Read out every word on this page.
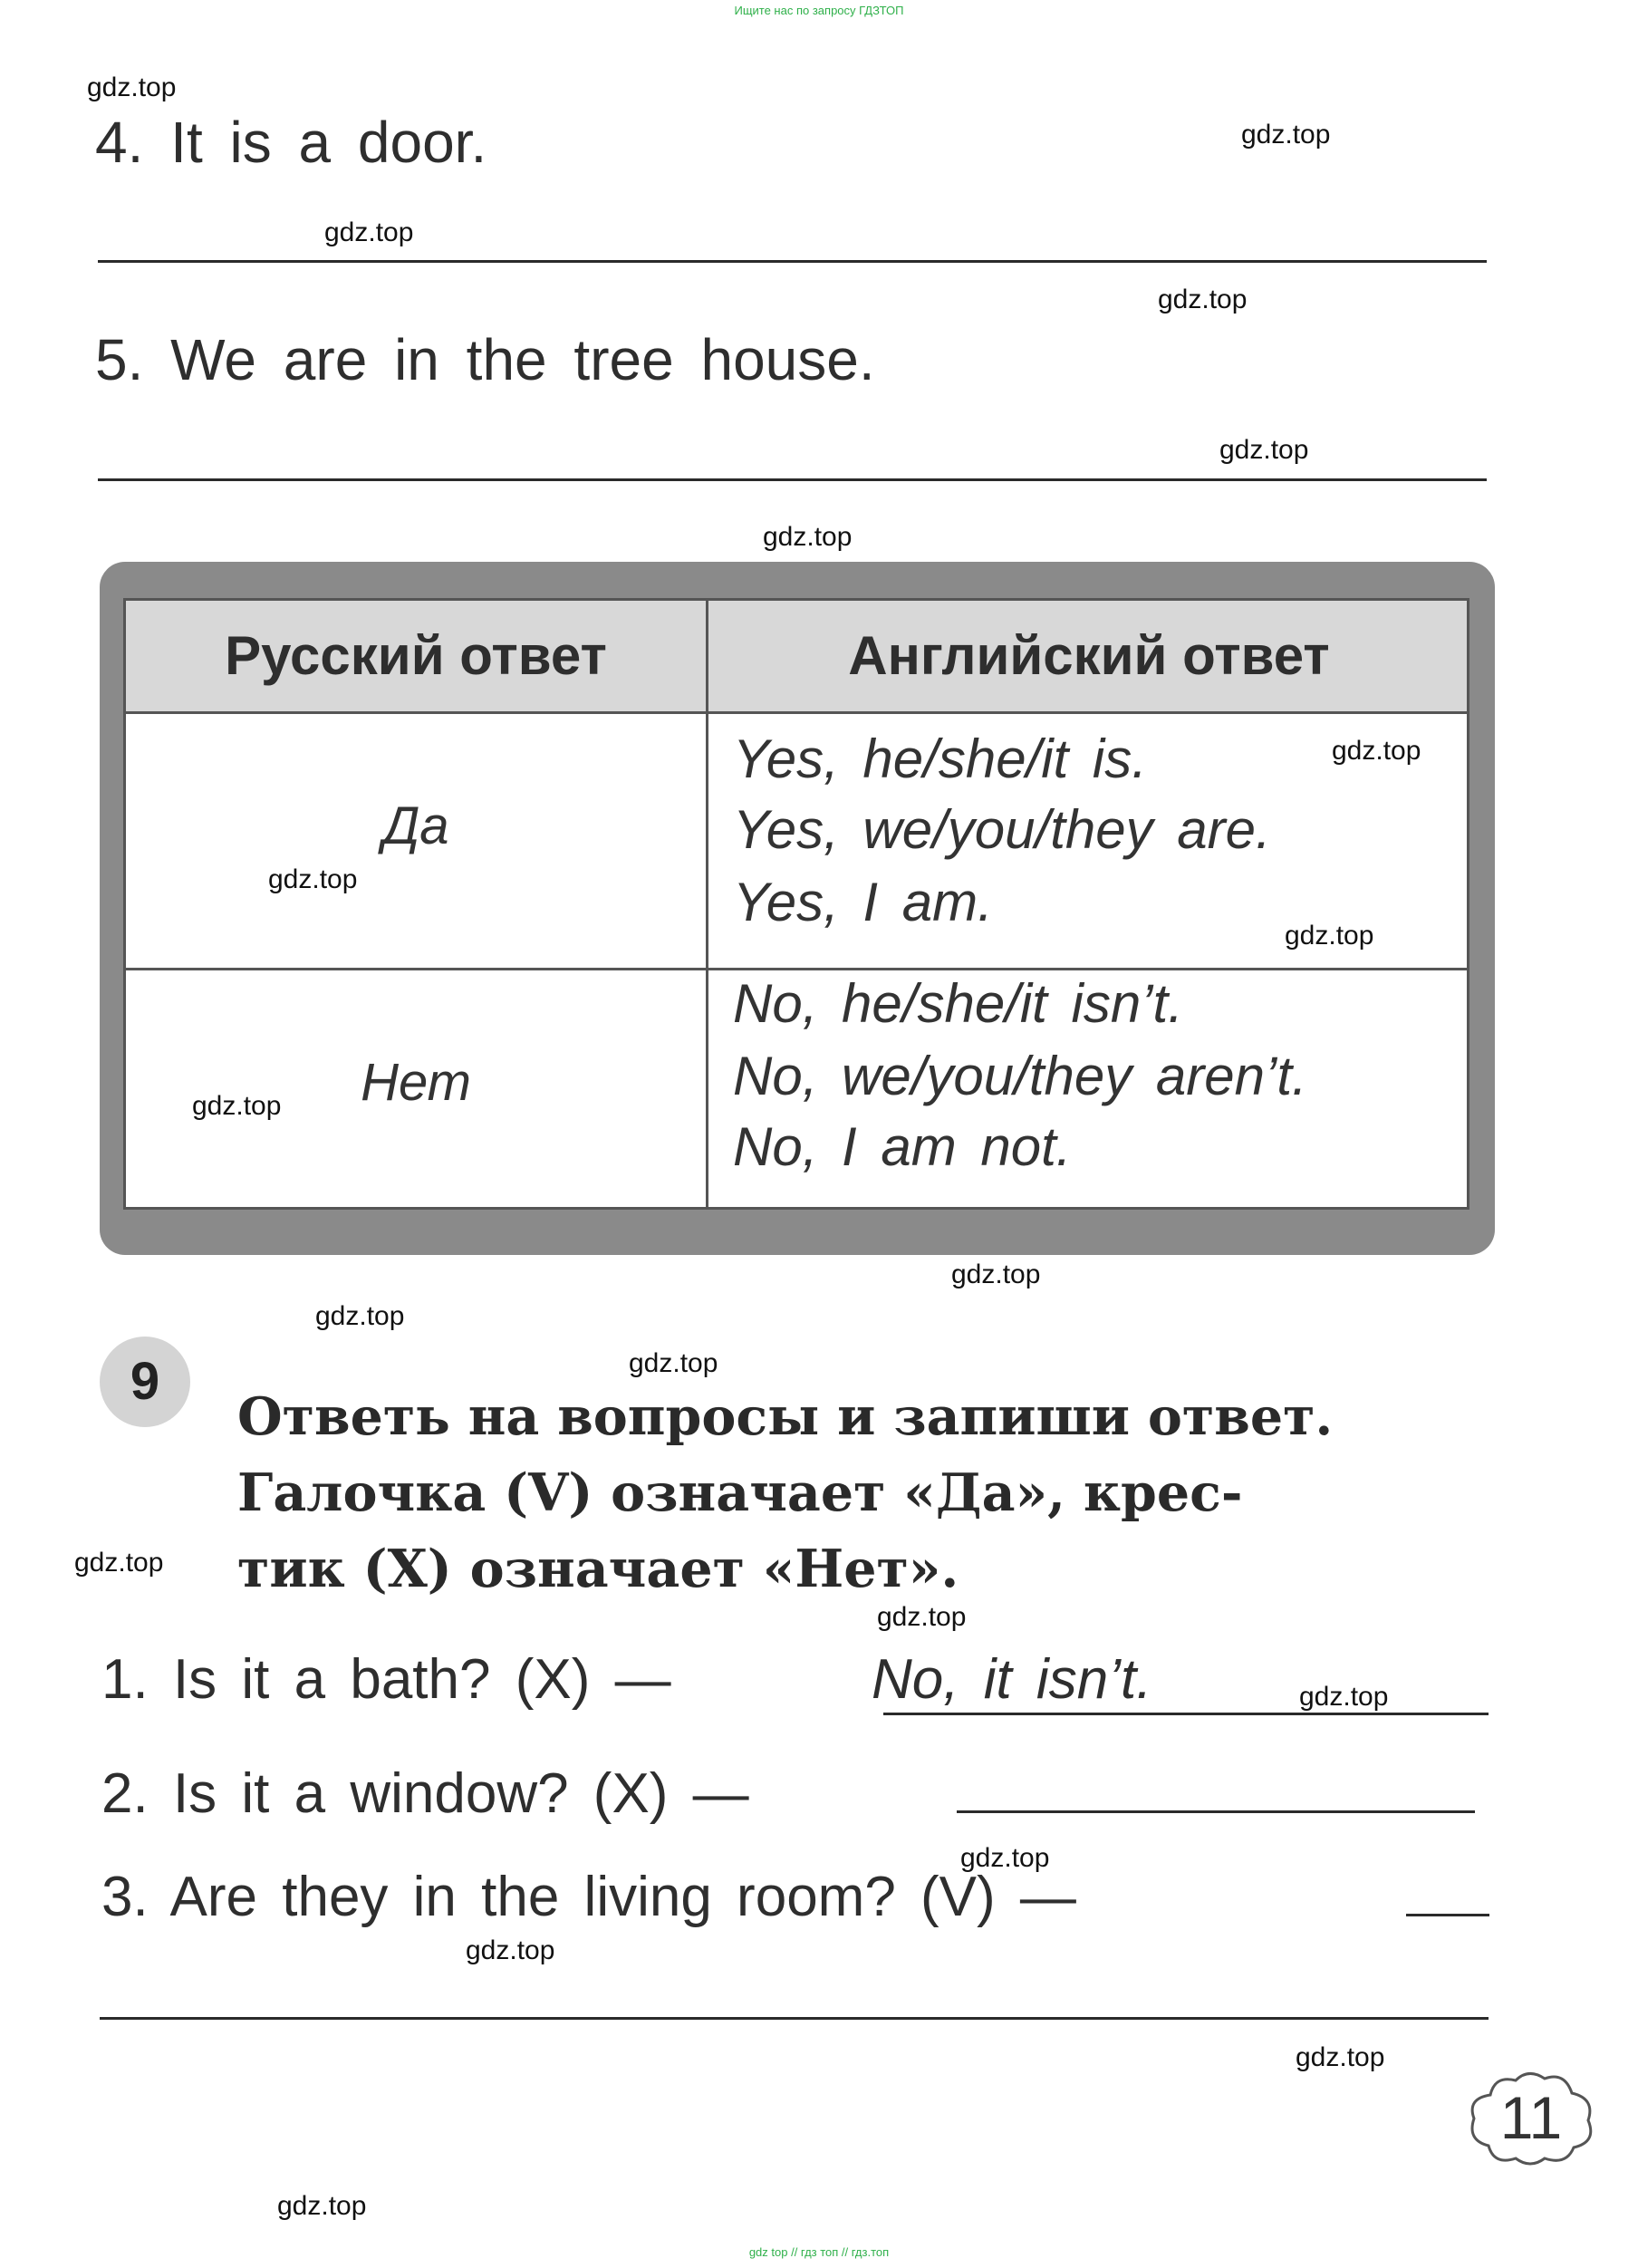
Ищите нас по запросу ГДЗТОП
4. It is a door.
5. We are in the tree house.
Русский ответ	Английский ответ
Да
Yes, he/she/it is.
Yes, we/you/they are.
Yes, I am.
Нет
No, he/she/it isn’t.
No, we/you/they aren’t.
No, I am not.
9
Ответь на вопросы и запиши ответ.
Галочка (V) означает «Да», крес-
тик (X) означает «Нет».
1. Is it a bath? (X) —	No, it isn’t.
2. Is it a window? (X) —
3. Are they in the living room? (V) —
11
gdz.top
gdz.top
gdz.top
gdz.top
gdz.top
gdz.top
gdz.top
gdz.top
gdz.top
gdz.top
gdz.top
gdz.top
gdz.top
gdz.top
gdz.top
gdz.top
gdz.top
gdz.top
gdz.top
gdz.top
gdz top // гдз топ // гдз.топ
